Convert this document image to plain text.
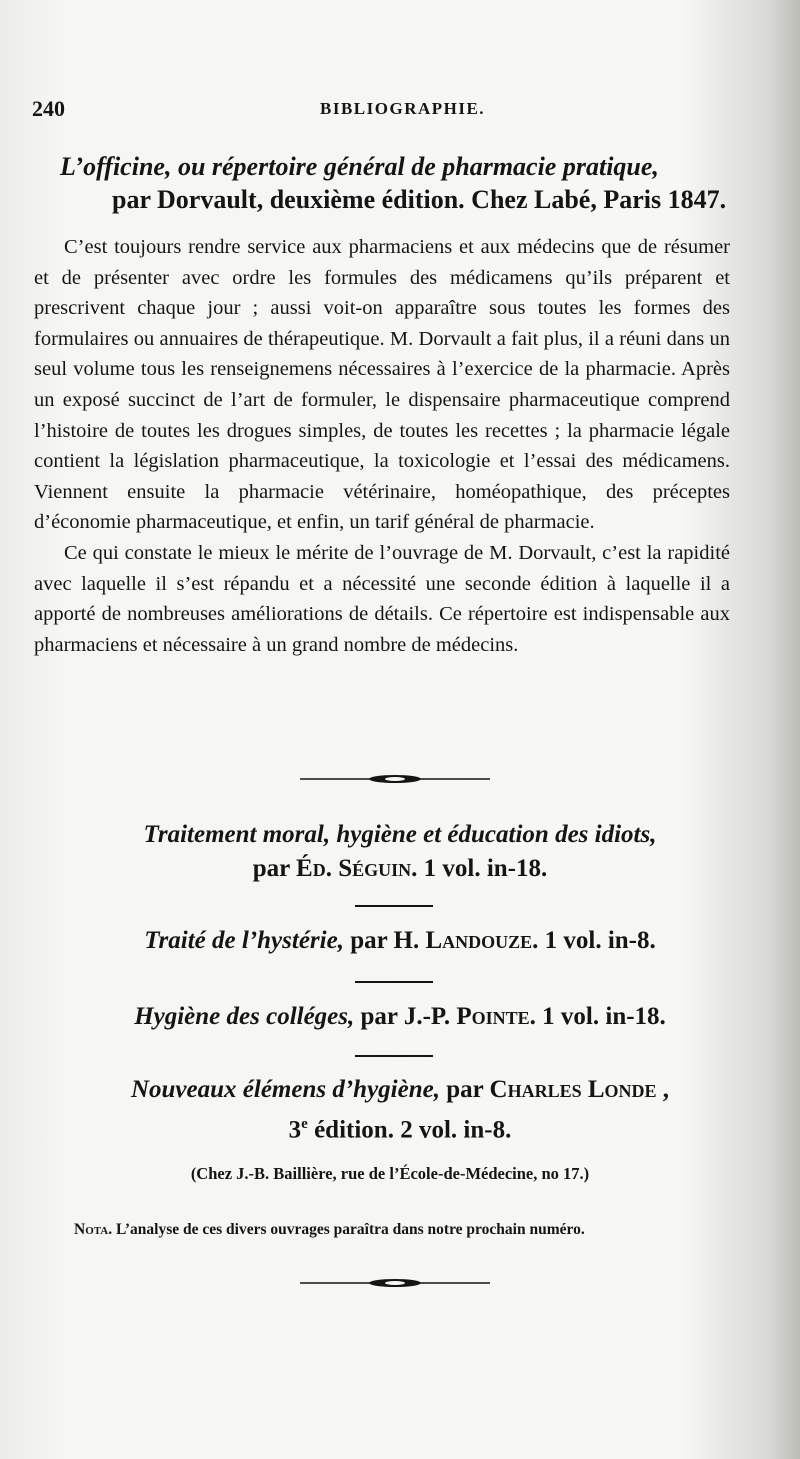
240	BIBLIOGRAPHIE.
L’officine, ou répertoire général de pharmacie pratique,
par Dorvault, deuxième édition. Chez Labé, Paris 1847.

C’est toujours rendre service aux pharmaciens et aux médecins que de résumer et de présenter avec ordre les formules des médicamens qu’ils préparent et prescrivent chaque jour ; aussi voit-on apparaître sous toutes les formes des formulaires ou annuaires de thérapeutique. M. Dorvault a fait plus, il a réuni dans un seul volume tous les renseignemens nécessaires à l’exercice de la pharmacie. Après un exposé succinct de l’art de formuler, le dispensaire pharmaceutique comprend l’histoire de toutes les drogues simples, de toutes les recettes ; la pharmacie légale contient la législation pharmaceutique, la toxicologie et l’essai des médicamens. Viennent ensuite la pharmacie vétérinaire, homéopathique, des préceptes d’économie pharmaceutique, et enfin, un tarif général de pharmacie.

Ce qui constate le mieux le mérite de l’ouvrage de M. Dorvault, c’est la rapidité avec laquelle il s’est répandu et a nécessité une seconde édition à laquelle il a apporté de nombreuses améliorations de détails. Ce répertoire est indispensable aux pharmaciens et nécessaire à un grand nombre de médecins.

Traitement moral, hygiène et éducation des idiots,
par Éd. Séguin. 1 vol. in-18.
Traité de l’hystérie, par H. Landouze. 1 vol. in-8.
Hygiène des colléges, par J.-P. Pointe. 1 vol. in-18.
Nouveaux élémens d’hygiène, par Charles Londe ,
3e édition. 2 vol. in-8.
(Chez J.-B. Baillière, rue de l’École-de-Médecine, no 17.)
Nota. L’analyse de ces divers ouvrages paraîtra dans notre prochain numéro.
